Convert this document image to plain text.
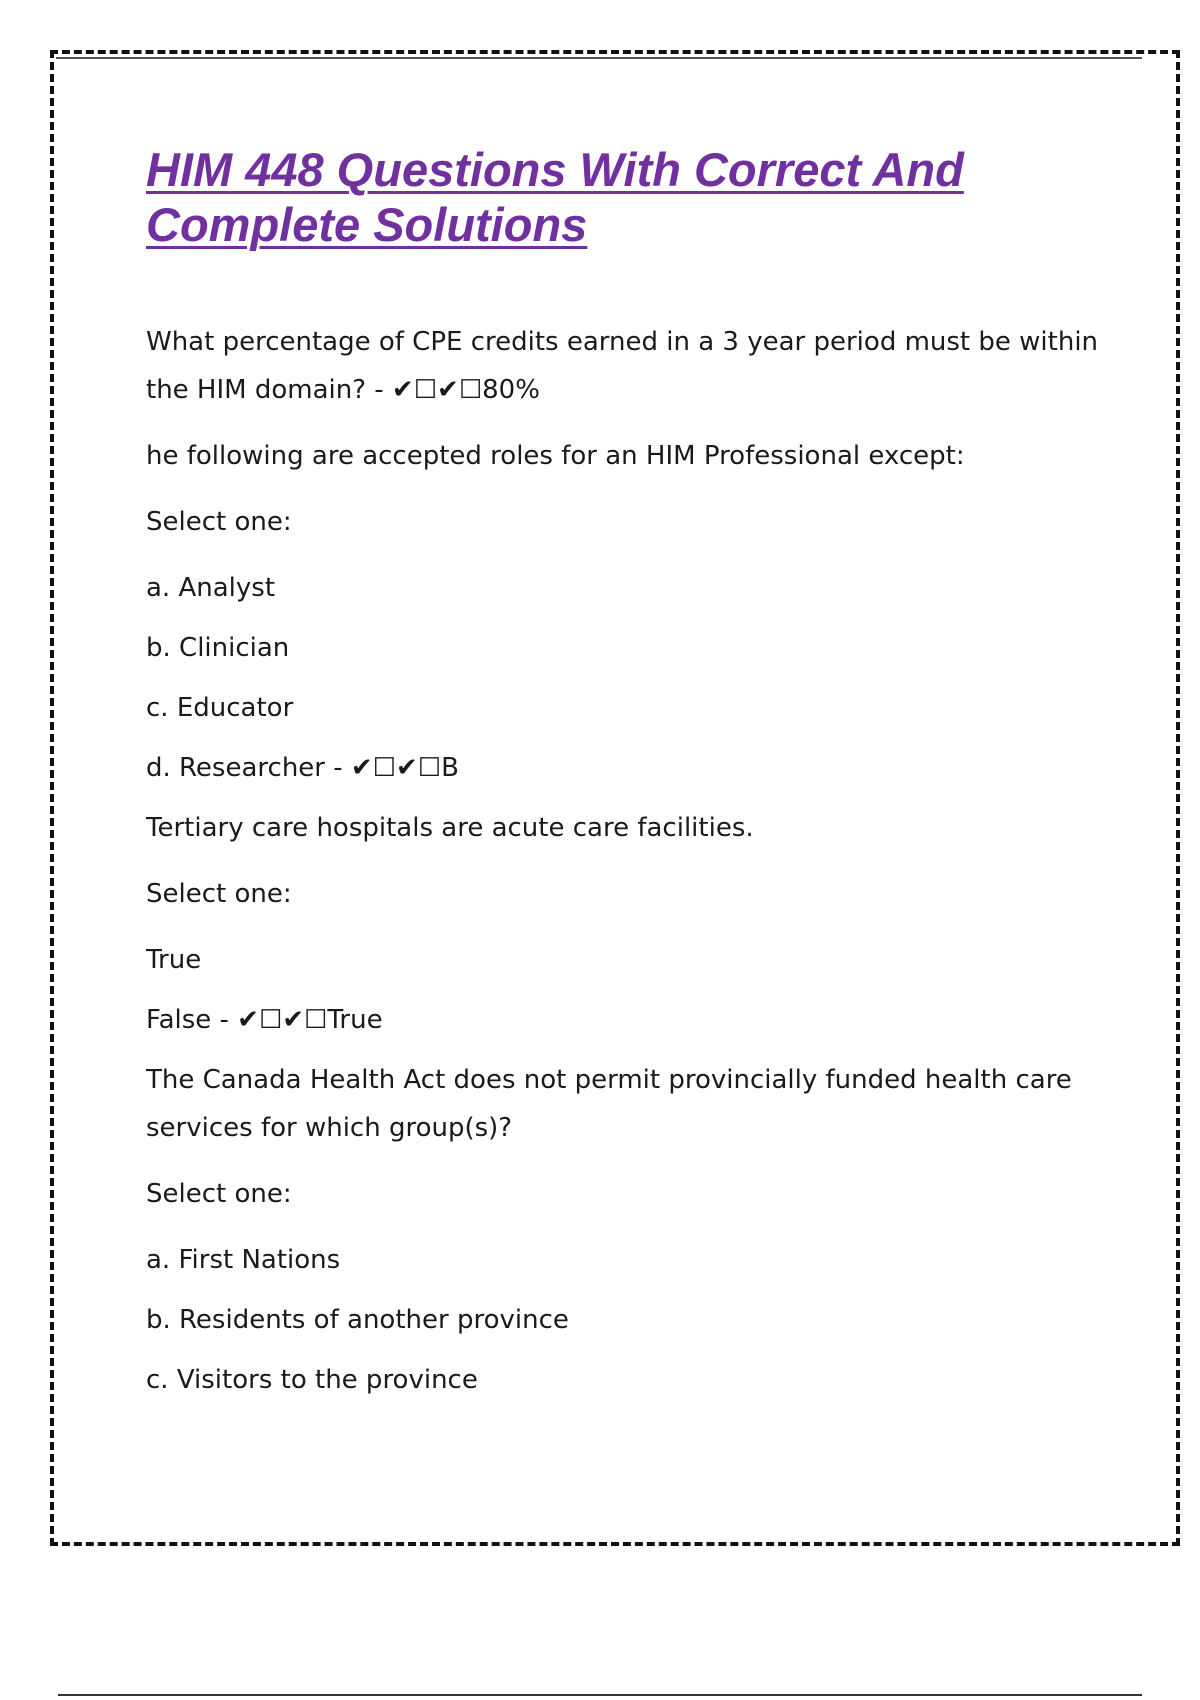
HIM 448 Questions With Correct And Complete Solutions

What percentage of CPE credits earned in a 3 year period must be within the HIM domain? - ✔☐✔☐80%

he following are accepted roles for an HIM Professional except:

Select one:

a. Analyst

b. Clinician

c. Educator

d. Researcher - ✔☐✔☐B

Tertiary care hospitals are acute care facilities.

Select one:

True

False - ✔☐✔☐True

The Canada Health Act does not permit provincially funded health care services for which group(s)?

Select one:

a. First Nations

b. Residents of another province

c. Visitors to the province
